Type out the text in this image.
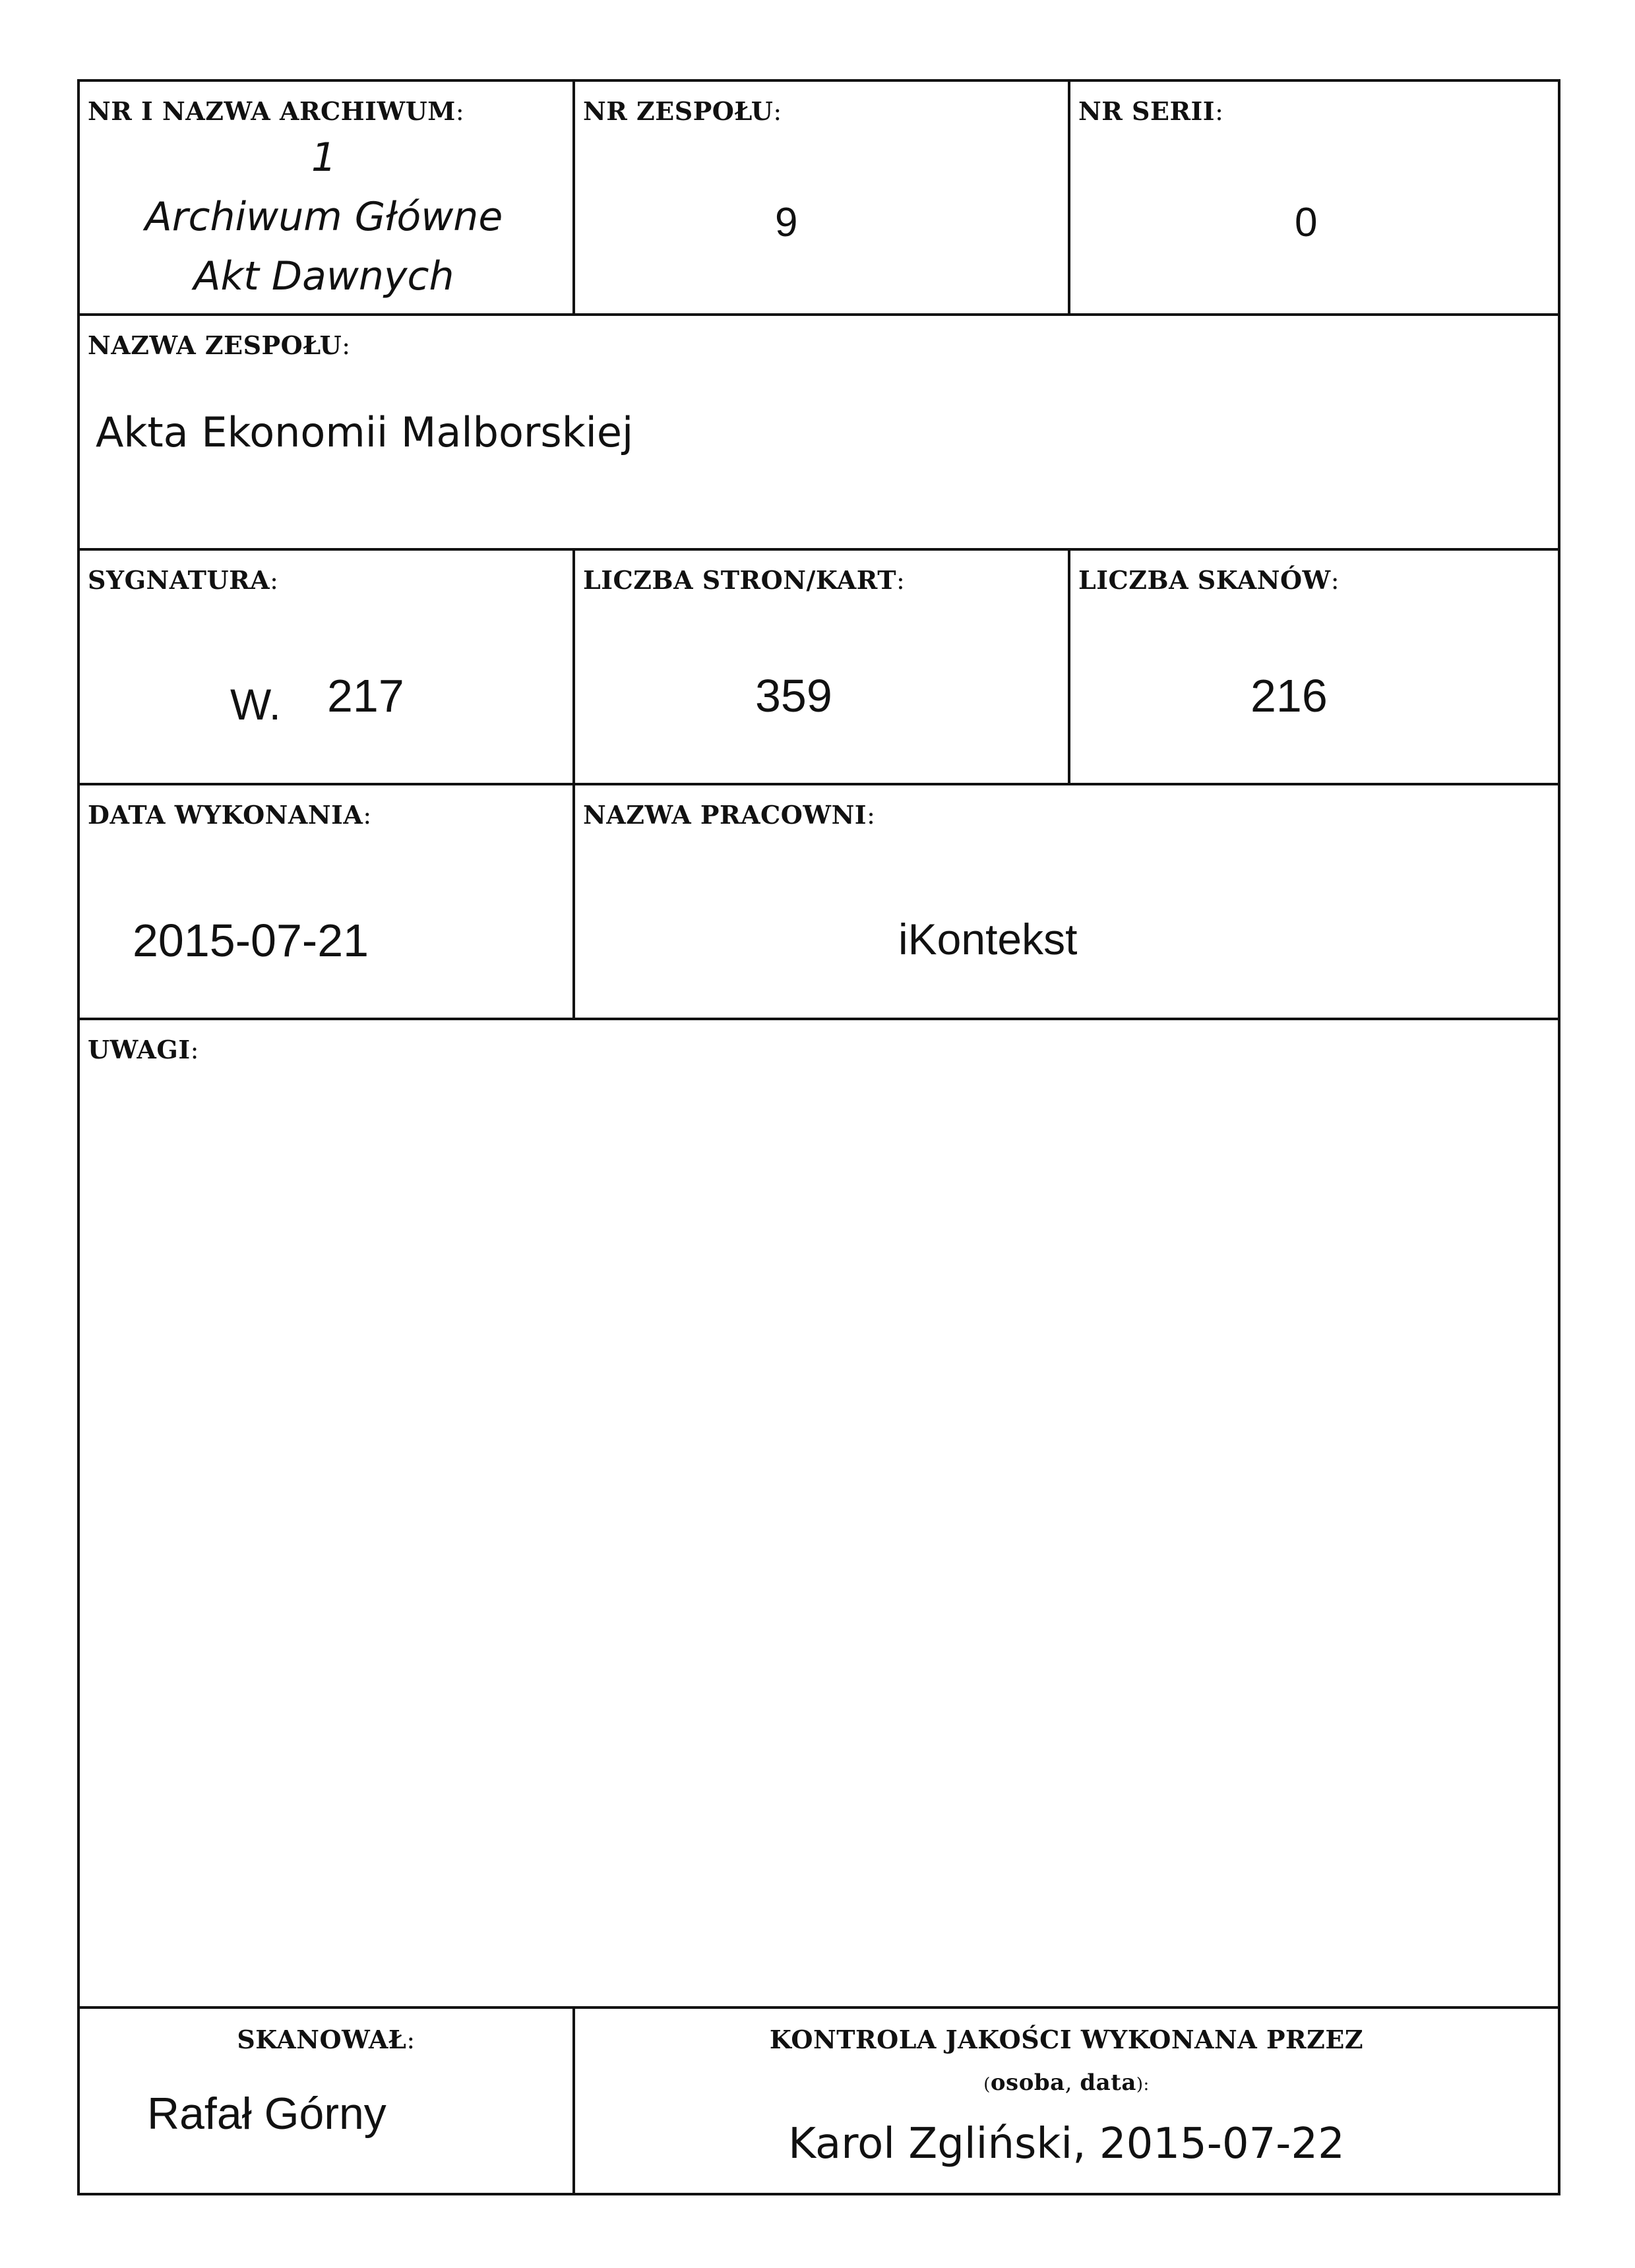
NR I NAZWA ARCHIWUM:
1
Archiwum Główne
Akt Dawnych
NR ZESPOŁU:
9
NR SERII:
0
NAZWA ZESPOŁU:
Akta Ekonomii Malborskiej
SYGNATURA:
W. 217
LICZBA STRON/KART:
359
LICZBA SKANÓW:
216
DATA WYKONANIA:
2015-07-21
NAZWA PRACOWNI:
iKontekst
UWAGI:
SKANOWAŁ:
Rafał Górny
KONTROLA JAKOŚCI WYKONANA PRZEZ
(osoba, data):
Karol Zgliński, 2015-07-22
